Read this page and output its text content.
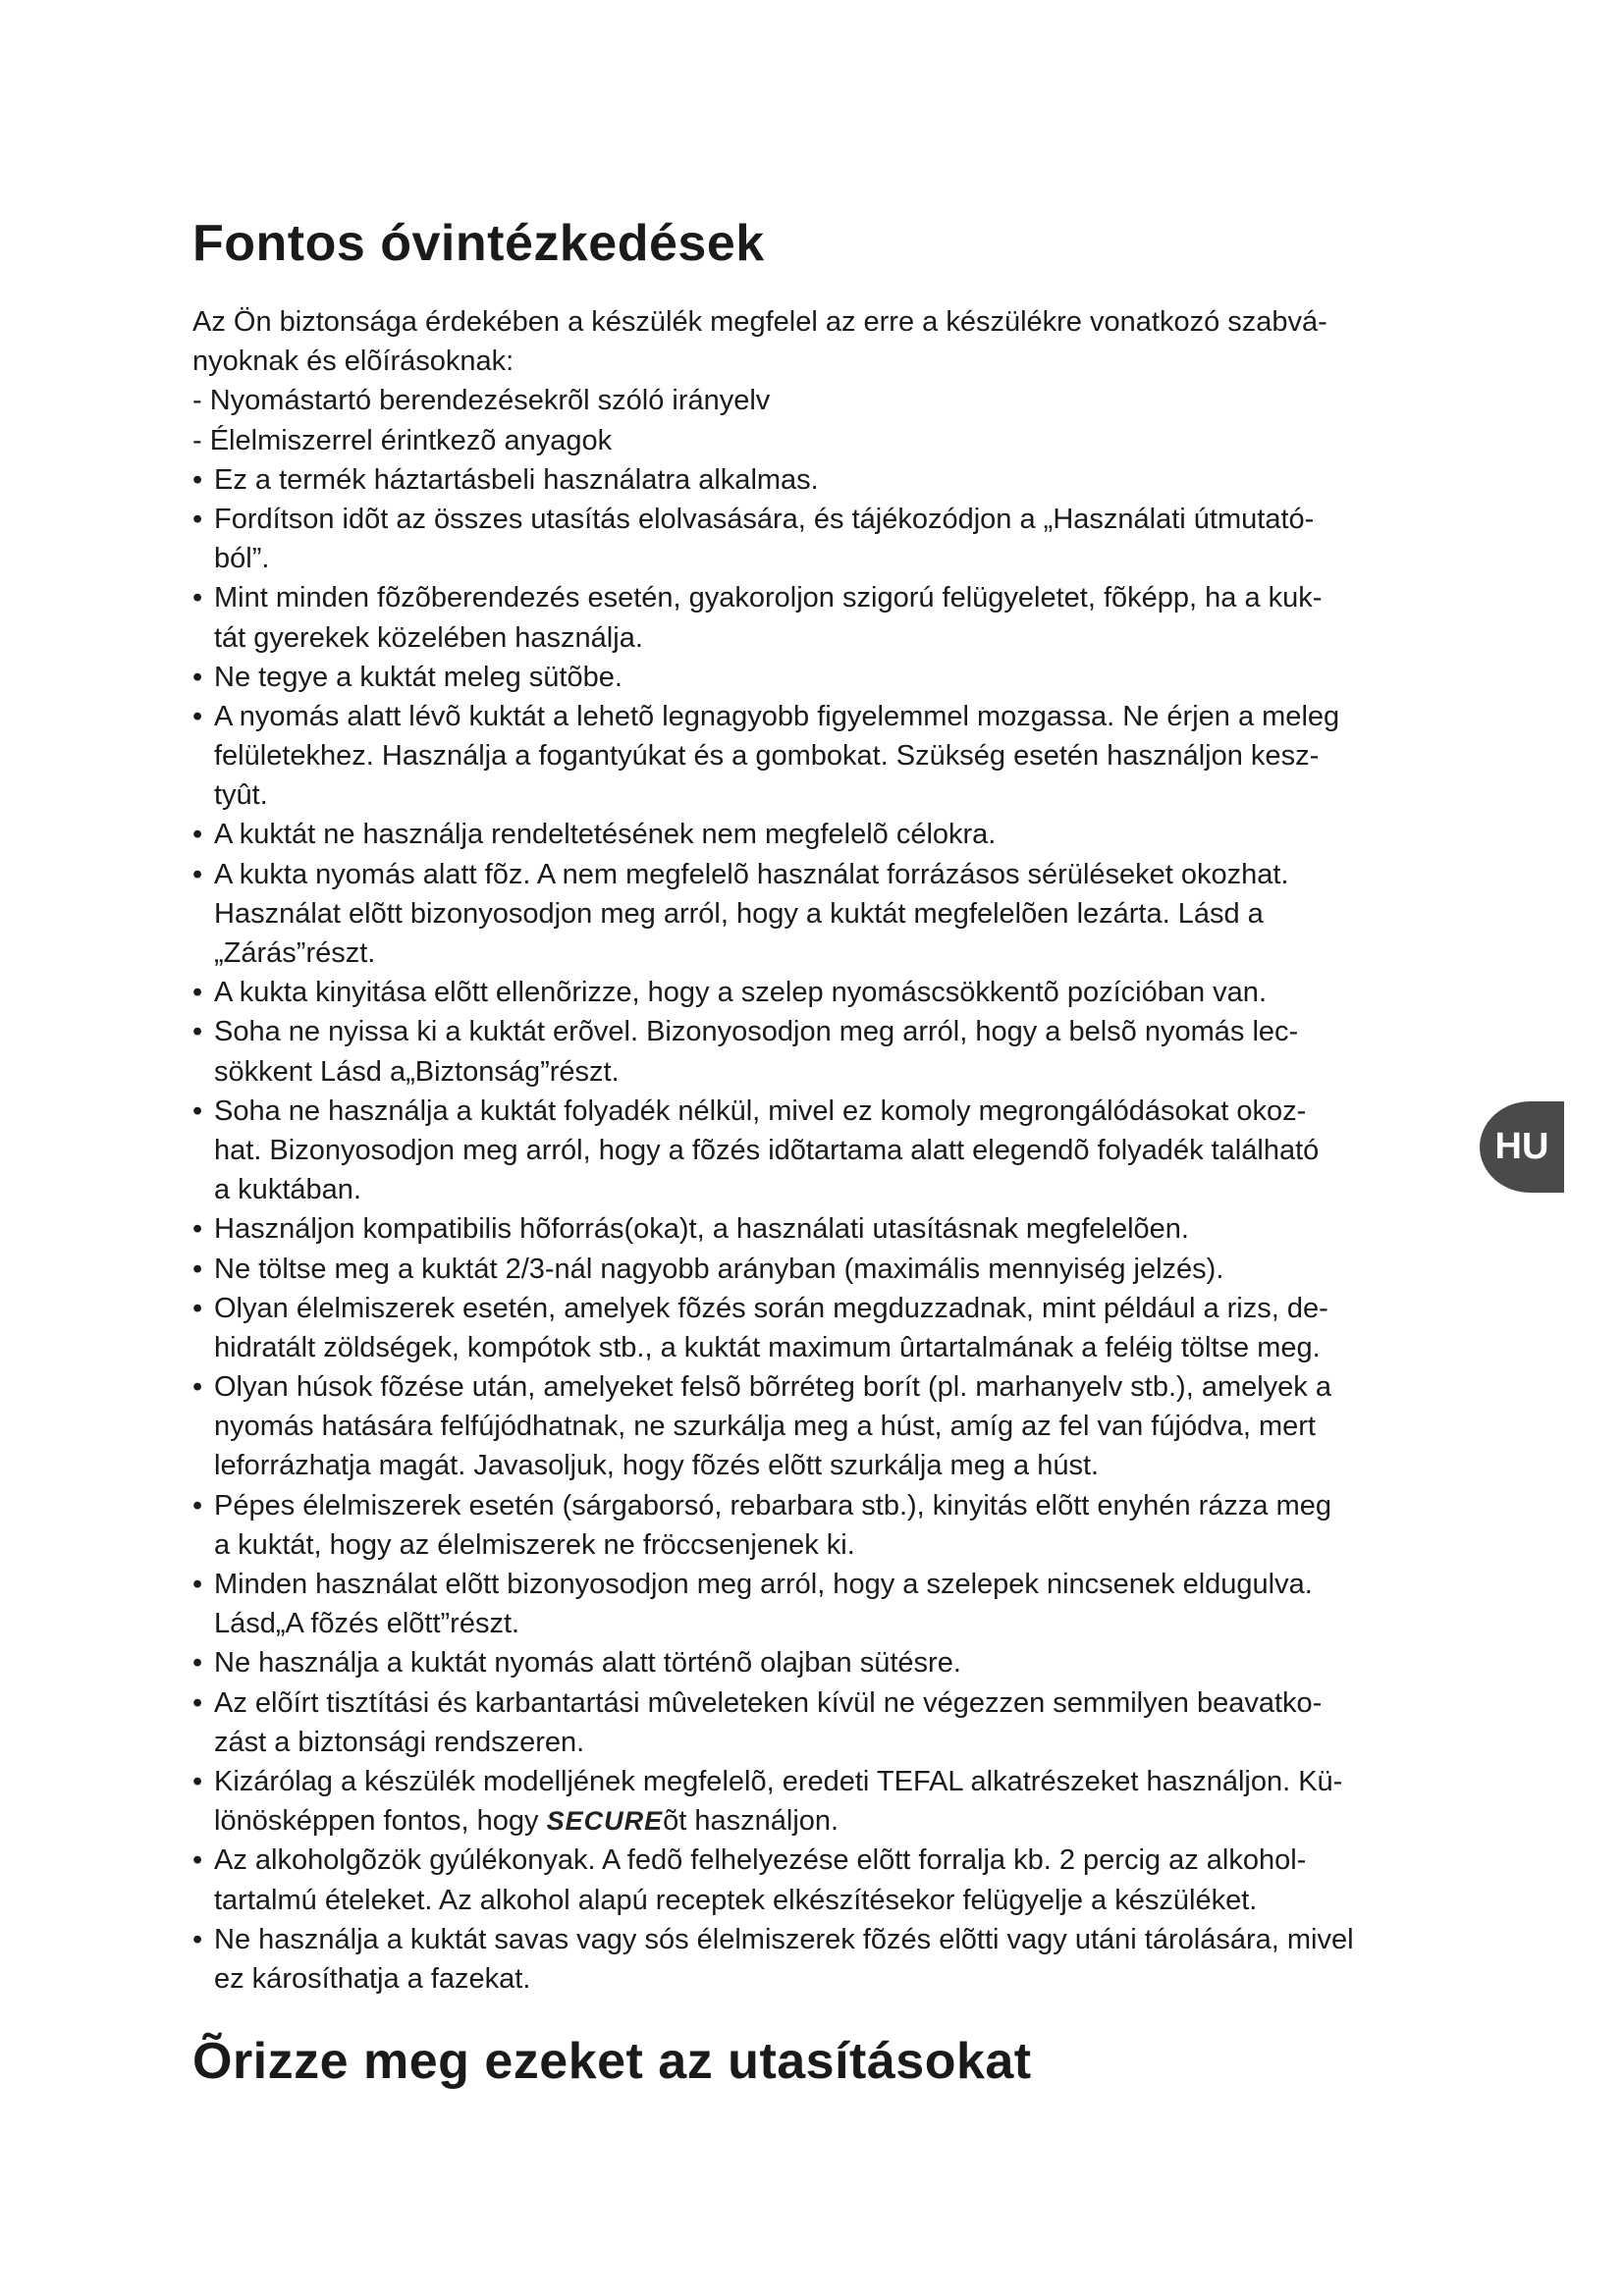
Fontos óvintézkedések
Az Ön biztonsága érdekében a készülék megfelel az erre a készülékre vonatkozó szabvá-
nyoknak és elõírásoknak:
- Nyomástartó berendezésekrõl szóló irányelv
- Élelmiszerrel érintkezõ anyagok
Ez a termék háztartásbeli használatra alkalmas.
•
Fordítson idõt az összes utasítás elolvasására, és tájékozódjon a „Használati útmutató-
•
ból”.
Mint minden fõzõberendezés esetén, gyakoroljon szigorú felügyeletet, fõképp, ha a kuk-
•
tát gyerekek közelében használja.
Ne tegye a kuktát meleg sütõbe.
•
A nyomás alatt lévõ kuktát a lehetõ legnagyobb figyelemmel mozgassa. Ne érjen a meleg
•
felületekhez. Használja a fogantyúkat és a gombokat. Szükség esetén használjon kesz-
tyût.
A kuktát ne használja rendeltetésének nem megfelelõ célokra.
•
A kukta nyomás alatt fõz. A nem megfelelõ használat forrázásos sérüléseket okozhat.
•
Használat elõtt bizonyosodjon meg arról, hogy a kuktát megfelelõen lezárta. Lásd a
„Zárás”részt.
A kukta kinyitása elõtt ellenõrizze, hogy a szelep nyomáscsökkentõ pozícióban van.
•
Soha ne nyissa ki a kuktát erõvel. Bizonyosodjon meg arról, hogy a belsõ nyomás lec-
•
sökkent Lásd a„Biztonság”részt.
Soha ne használja a kuktát folyadék nélkül, mivel ez komoly megrongálódásokat okoz-
•
hat. Bizonyosodjon meg arról, hogy a fõzés idõtartama alatt elegendõ folyadék található
a kuktában.
Használjon kompatibilis hõforrás(oka)t, a használati utasításnak megfelelõen.
•
Ne töltse meg a kuktát 2/3-nál nagyobb arányban (maximális mennyiség jelzés).
•
Olyan élelmiszerek esetén, amelyek fõzés során megduzzadnak, mint például a rizs, de-
•
hidratált zöldségek, kompótok stb., a kuktát maximum ûrtartalmának a feléig töltse meg.
Olyan húsok fõzése után, amelyeket felsõ bõrréteg borít (pl. marhanyelv stb.), amelyek a
•
nyomás hatására felfújódhatnak, ne szurkálja meg a húst, amíg az fel van fújódva, mert
leforrázhatja magát. Javasoljuk, hogy fõzés elõtt szurkálja meg a húst.
Pépes élelmiszerek esetén (sárgaborsó, rebarbara stb.), kinyitás elõtt enyhén rázza meg
•
a kuktát, hogy az élelmiszerek ne fröccsenjenek ki.
Minden használat elõtt bizonyosodjon meg arról, hogy a szelepek nincsenek eldugulva.
•
Lásd„A fõzés elõtt”részt.
Ne használja a kuktát nyomás alatt történõ olajban sütésre.
•
Az elõírt tisztítási és karbantartási mûveleteken kívül ne végezzen semmilyen beavatko-
•
zást a biztonsági rendszeren.
Kizárólag a készülék modelljének megfelelõ, eredeti TEFAL alkatrészeket használjon. Kü-
•
lönösképpen fontos, hogy SECUREõt használjon.
Az alkoholgõzök gyúlékonyak. A fedõ felhelyezése elõtt forralja kb. 2 percig az alkohol-
•
tartalmú ételeket. Az alkohol alapú receptek elkészítésekor felügyelje a készüléket.
Ne használja a kuktát savas vagy sós élelmiszerek fõzés elõtti vagy utáni tárolására, mivel
•
ez károsíthatja a fazekat.
Õrizze meg ezeket az utasításokat
HU
